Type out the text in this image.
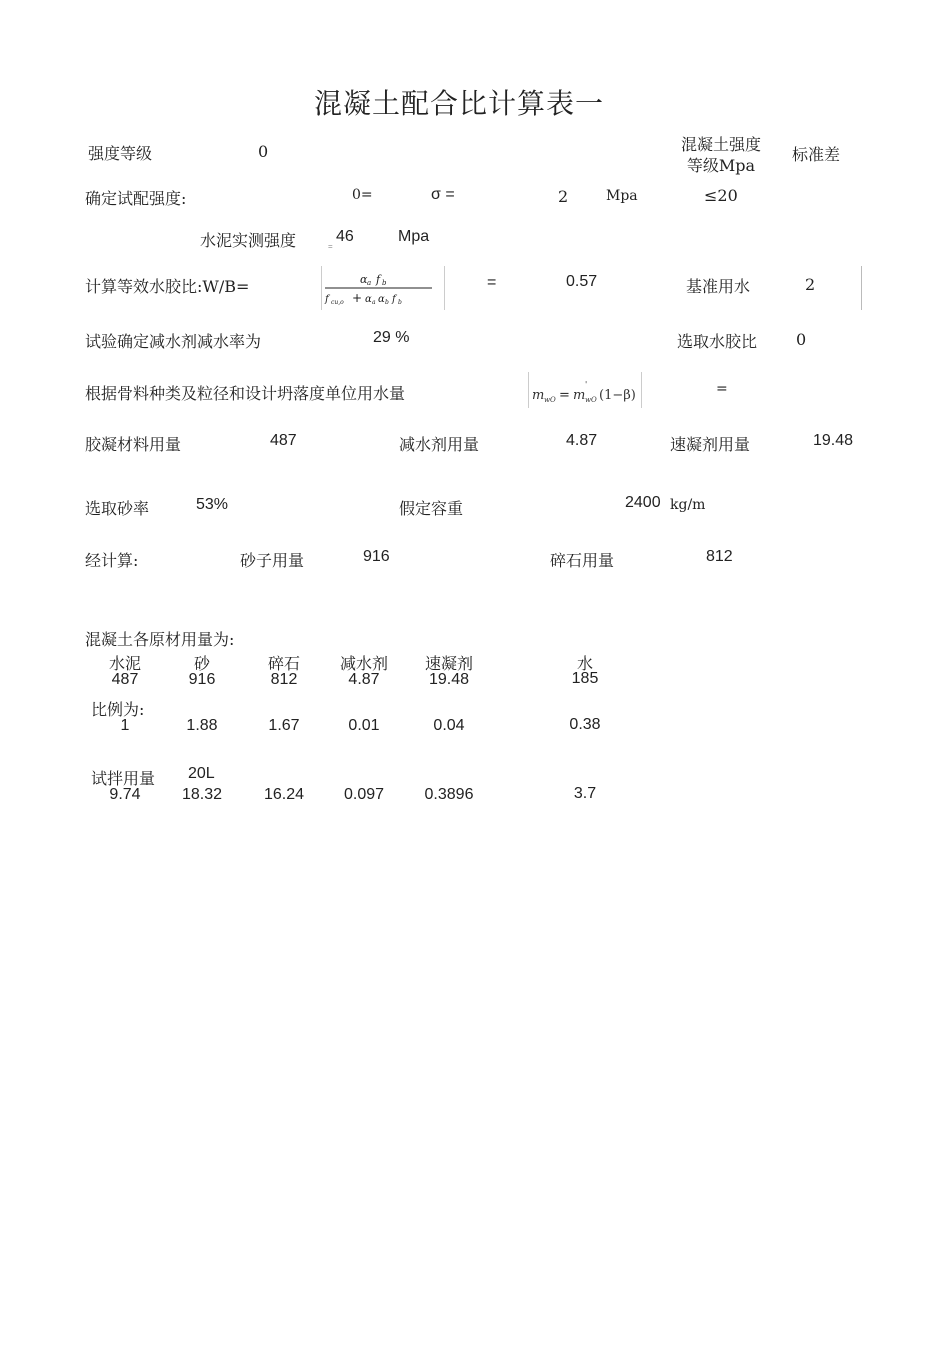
混凝土配合比计算表一
强度等级	0	混凝土强度
等级Mpa
标准差
确定试配强度:	0=	σ =	2	Mpa	≤20
水泥实测强度	=
46	Mpa
计算等效水胶比:W/B=	α a f b
f cu,o + α a α b f b
=	0.57	基准用水	2
试验确定减水剂减水率为	29 %	选取水胶比 0
根据骨料种类及粒径和设计坍落度单位用水量	m wO = m
'
wO (1−β)	=
胶凝材料用量	487	减水剂用量	4.87	速凝剂用量	19.48
选取砂率	53%	假定容重	2400 kg/m
经计算:	砂子用量	916	碎石用量	812
混凝土各原材用量为:
水泥	砂	碎石	减水剂	速凝剂	水
487	916	812	4.87	19.48	185
比例为:
1	1.88	1.67	0.01	0.04	0.38
试拌用量 20L
9.74	18.32	16.24	0.097	0.3896	3.7
